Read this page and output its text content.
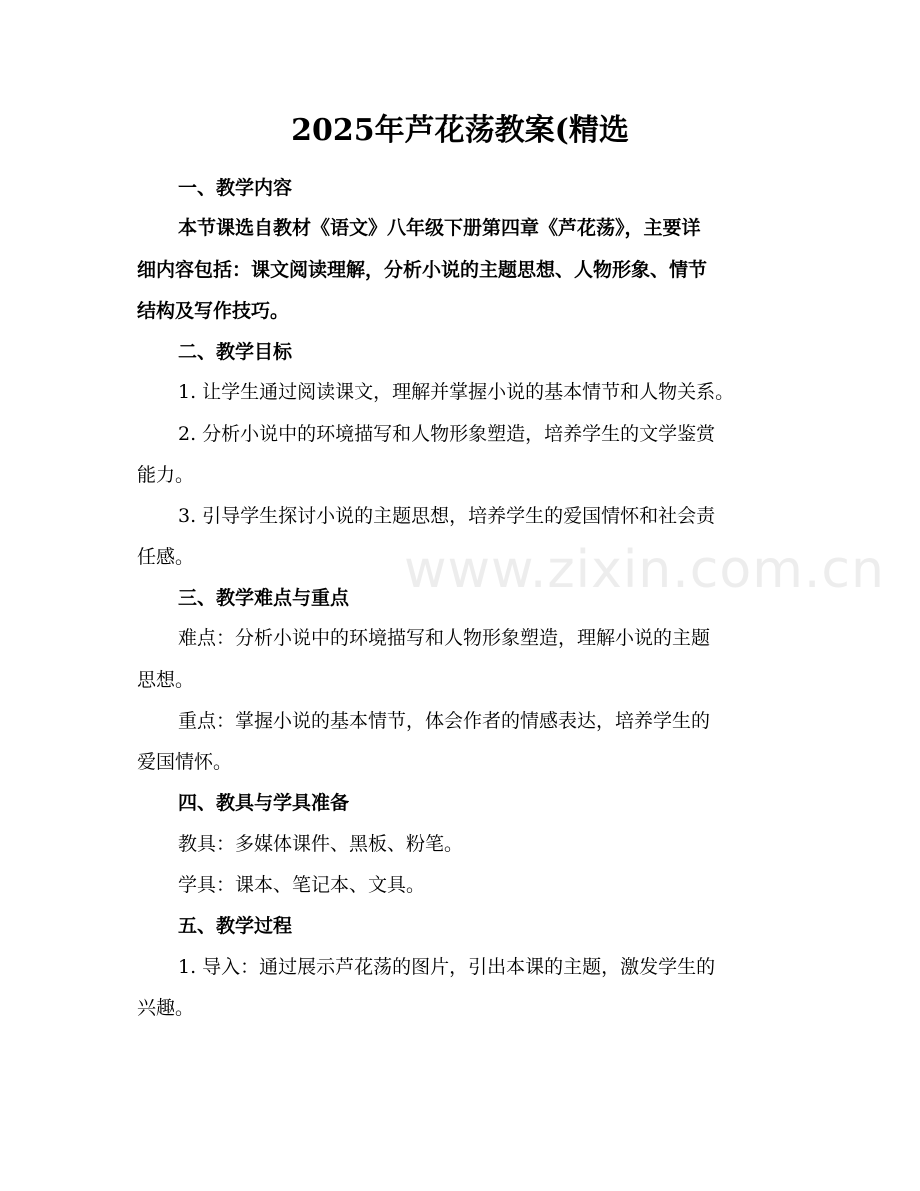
www.zixin.com.cn
2025年芦花荡教案(精选
一、教学内容
本节课选自教材《语文》八年级下册第四章《芦花荡》，主要详
细内容包括：课文阅读理解，分析小说的主题思想、人物形象、情节
结构及写作技巧。
二、教学目标
1. 让学生通过阅读课文，理解并掌握小说的基本情节和人物关系。
2. 分析小说中的环境描写和人物形象塑造，培养学生的文学鉴赏
能力。
3. 引导学生探讨小说的主题思想，培养学生的爱国情怀和社会责
任感。
三、教学难点与重点
难点：分析小说中的环境描写和人物形象塑造，理解小说的主题
思想。
重点：掌握小说的基本情节，体会作者的情感表达，培养学生的
爱国情怀。
四、教具与学具准备
教具：多媒体课件、黑板、粉笔。
学具：课本、笔记本、文具。
五、教学过程
1. 导入：通过展示芦花荡的图片，引出本课的主题，激发学生的
兴趣。
